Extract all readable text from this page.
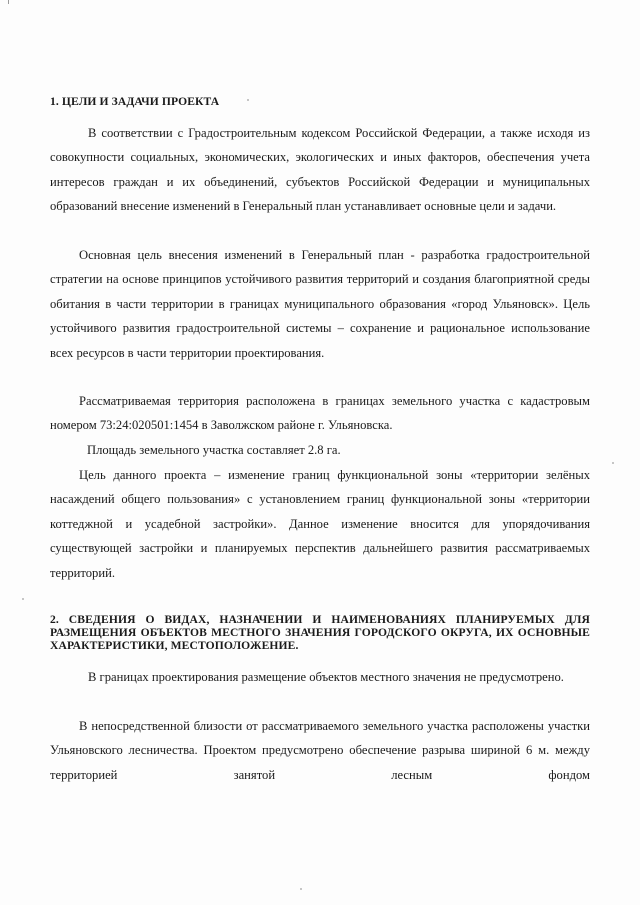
1. ЦЕЛИ И ЗАДАЧИ ПРОЕКТА

В соответствии с Градостроительным кодексом Российской Федерации, а также исходя из совокупности социальных, экономических, экологических и иных факторов, обеспечения учета интересов граждан и их объединений, субъектов Российской Федерации и муниципальных образований внесение изменений в Генеральный план устанавливает основные цели и задачи.

Основная цель внесения изменений в Генеральный план - разработка градостроительной стратегии на основе принципов устойчивого развития территорий и создания благоприятной среды обитания в части территории в границах муниципального образования «город Ульяновск». Цель устойчивого развития градостроительной системы – сохранение и рациональное использование всех ресурсов в части территории проектирования.

Рассматриваемая территория расположена в границах земельного участка с кадастровым номером 73:24:020501:1454 в Заволжском районе г. Ульяновска.

Площадь земельного участка составляет 2.8 га.

Цель данного проекта – изменение границ функциональной зоны «территории зелёных насаждений общего пользования» с установлением границ функциональной зоны «территории коттеджной и усадебной застройки». Данное изменение вносится для упорядочивания существующей застройки и планируемых перспектив дальнейшего развития рассматриваемых территорий.

2. СВЕДЕНИЯ О ВИДАХ, НАЗНАЧЕНИИ И НАИМЕНОВАНИЯХ ПЛАНИРУЕМЫХ ДЛЯ РАЗМЕЩЕНИЯ ОБЪЕКТОВ МЕСТНОГО ЗНАЧЕНИЯ ГОРОДСКОГО ОКРУГА, ИХ ОСНОВНЫЕ ХАРАКТЕРИСТИКИ, МЕСТОПОЛОЖЕНИЕ.

В границах проектирования размещение объектов местного значения не предусмотрено.

В непосредственной близости от рассматриваемого земельного участка расположены участки Ульяновского лесничества. Проектом предусмотрено обеспечение разрыва шириной 6 м. между территорией занятой лесным фондом
